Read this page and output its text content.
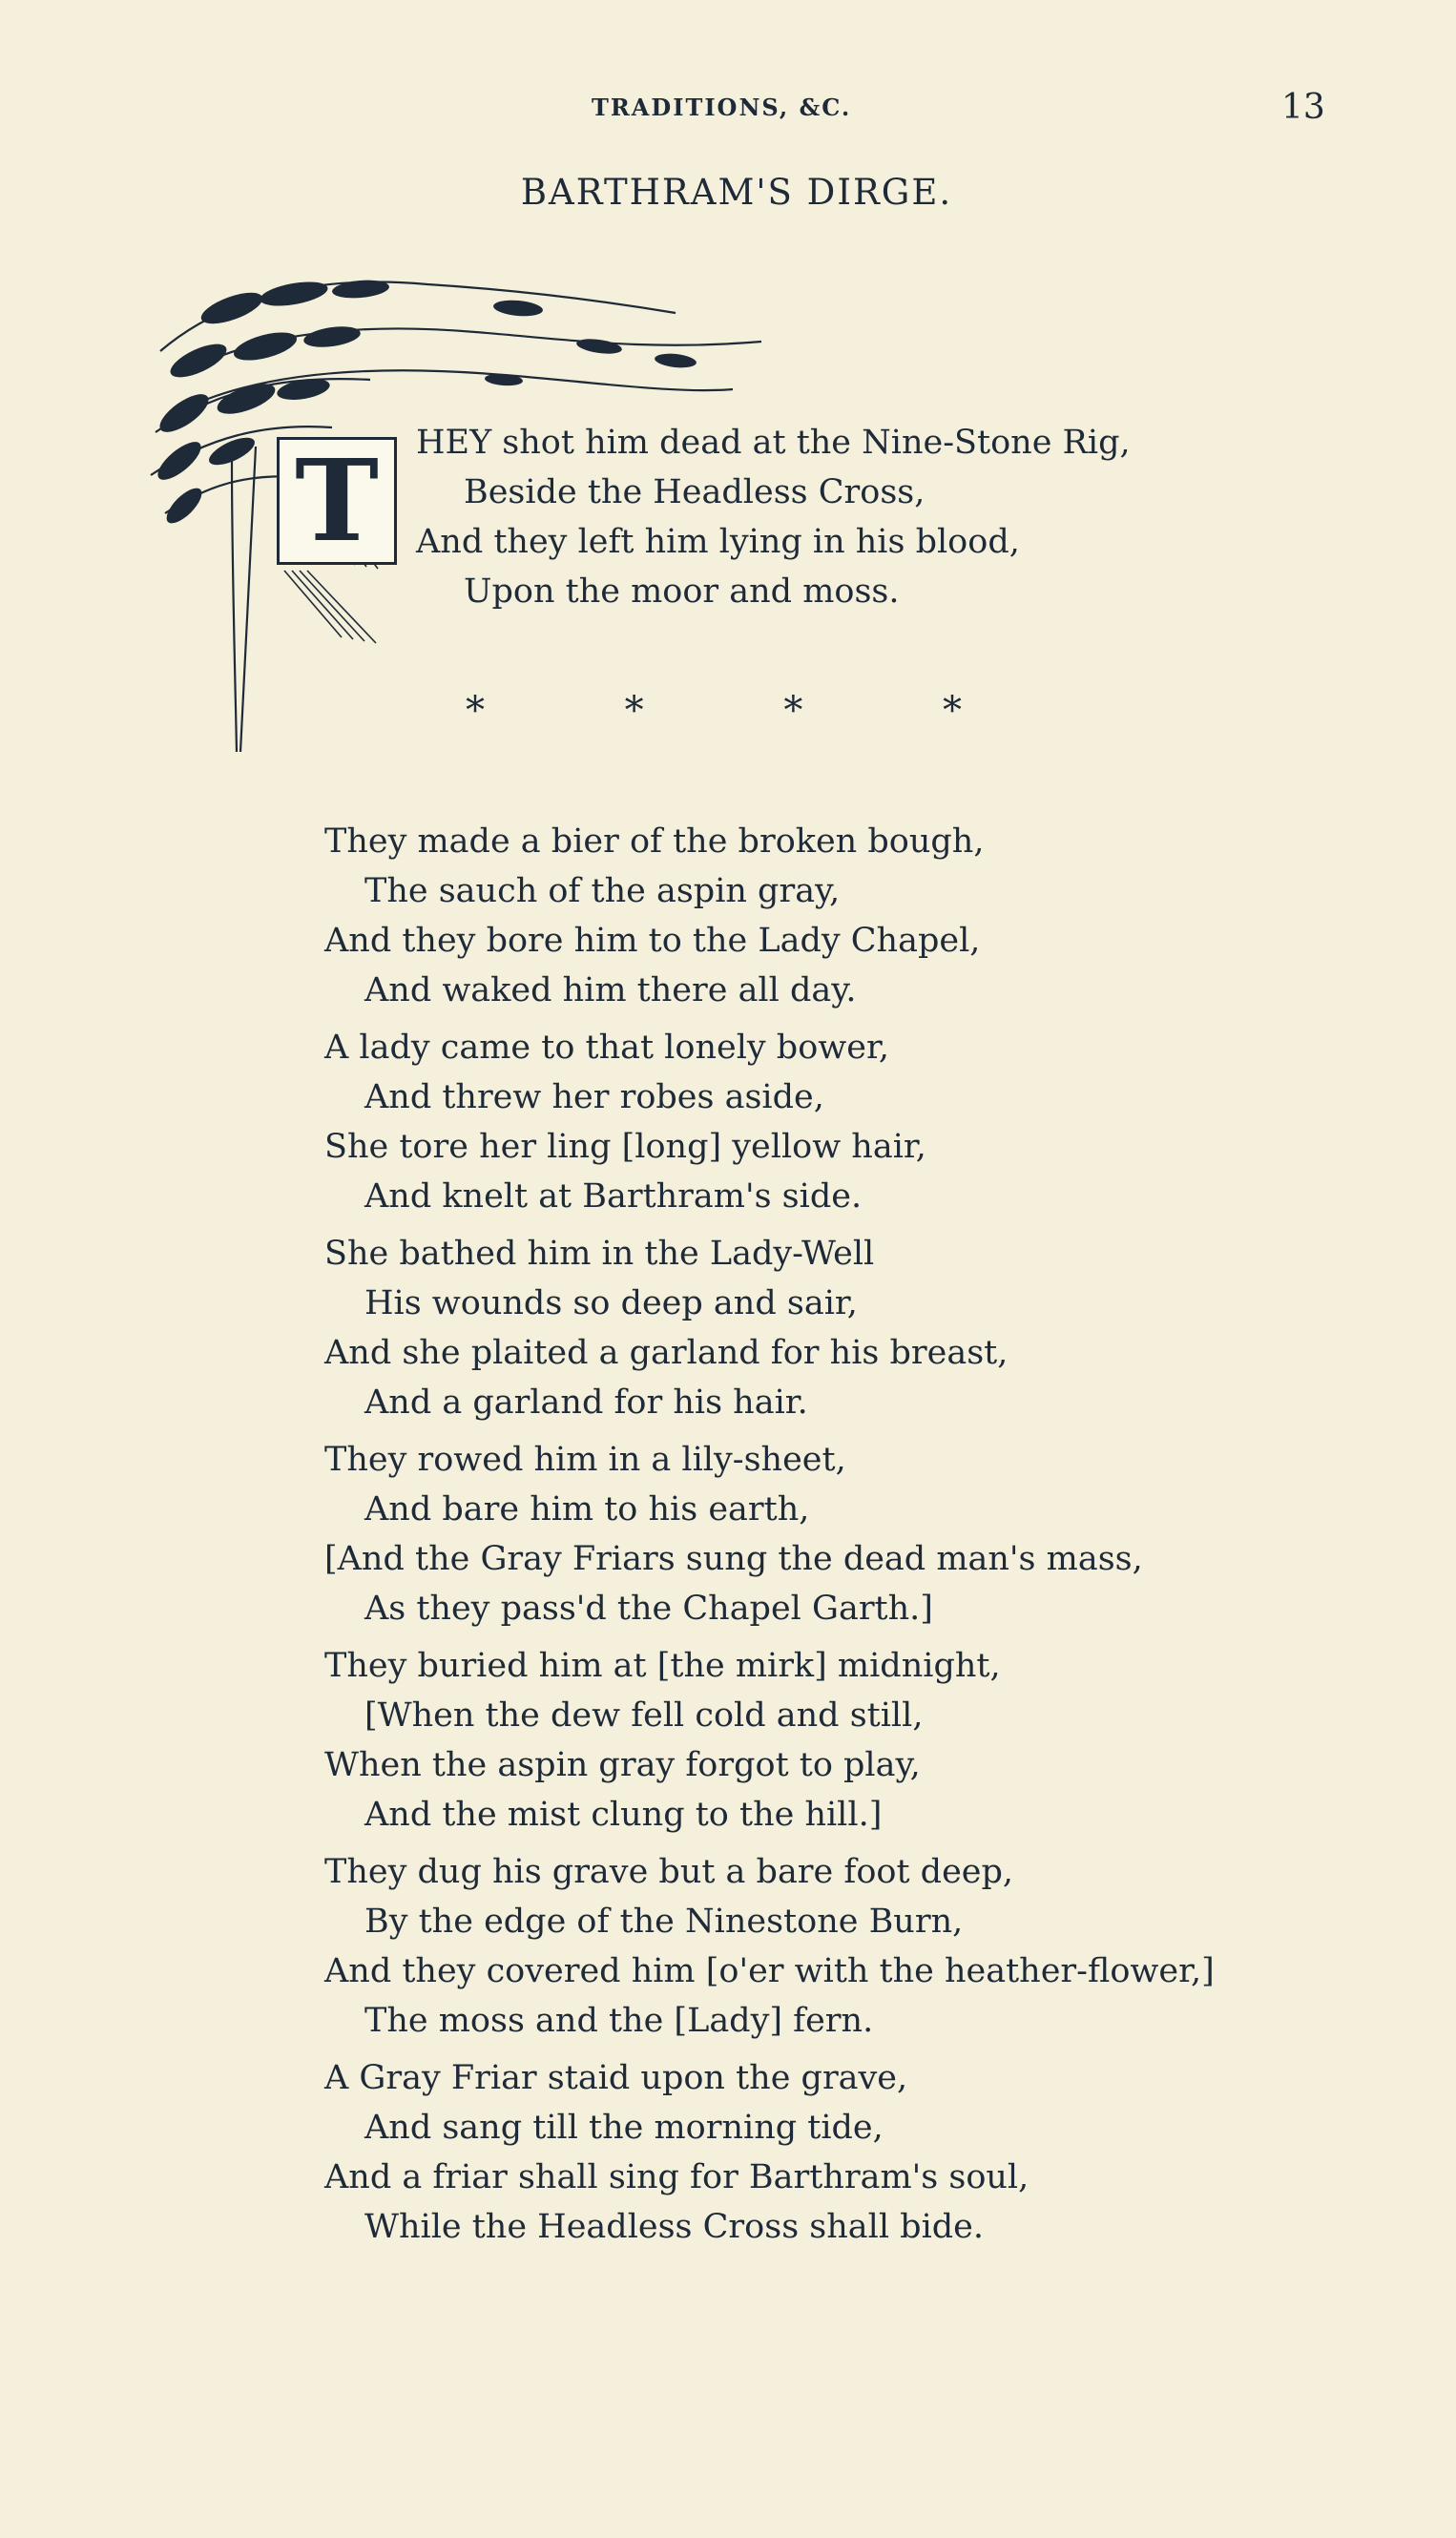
TRADITIONS, &C.	13
BARTHRAM'S DIRGE.
T	HEY shot him dead at the Nine-Stone Rig,
Beside the Headless Cross,
And they left him lying in his blood,
Upon the moor and moss.
*	*	*	*
They made a bier of the broken bough,
The sauch of the aspin gray,
And they bore him to the Lady Chapel,
And waked him there all day.
A lady came to that lonely bower,
And threw her robes aside,
She tore her ling [long] yellow hair,
And knelt at Barthram's side.
She bathed him in the Lady-Well
His wounds so deep and sair,
And she plaited a garland for his breast,
And a garland for his hair.
They rowed him in a lily-sheet,
And bare him to his earth,
[And the Gray Friars sung the dead man's mass,
As they pass'd the Chapel Garth.]
They buried him at [the mirk] midnight,
[When the dew fell cold and still,
When the aspin gray forgot to play,
And the mist clung to the hill.]
They dug his grave but a bare foot deep,
By the edge of the Ninestone Burn,
And they covered him [o'er with the heather-flower,]
The moss and the [Lady] fern.
A Gray Friar staid upon the grave,
And sang till the morning tide,
And a friar shall sing for Barthram's soul,
While the Headless Cross shall bide.
